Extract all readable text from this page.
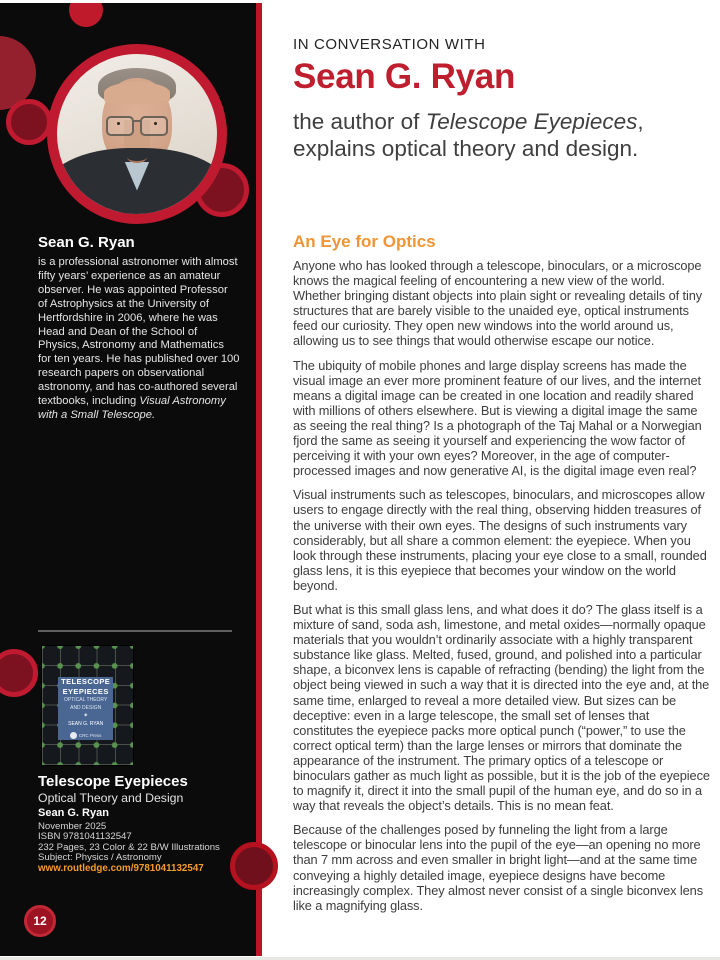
Sean G. Ryan
is a professional astronomer with almost fifty years’ experience as an amateur observer. He was appointed Professor of Astrophysics at the University of Hertfordshire in 2006, where he was Head and Dean of the School of Physics, Astronomy and Mathematics for ten years. He has published over 100 research papers on observational astronomy, and has co-authored several textbooks, including Visual Astronomy with a Small Telescope.
TELESCOPE
EYEPIECES
OPTICAL THEORY
AND DESIGN
◆
SEAN G. RYAN
CRC Press
Telescope Eyepieces
Optical Theory and Design
Sean G. Ryan
November 2025
ISBN 9781041132547
232 Pages, 23 Color & 22 B/W Illustrations
Subject: Physics / Astronomy
www.routledge.com/9781041132547
12
IN CONVERSATION WITH
Sean G. Ryan
the author of Telescope Eyepieces,
explains optical theory and design.
An Eye for Optics

Anyone who has looked through a telescope, binoculars, or a microscope knows the magical feeling of encountering a new view of the world. Whether bringing distant objects into plain sight or revealing details of tiny structures that are barely visible to the unaided eye, optical instruments feed our curiosity. They open new windows into the world around us, allowing us to see things that would otherwise escape our notice.

The ubiquity of mobile phones and large display screens has made the visual image an ever more prominent feature of our lives, and the internet means a digital image can be created in one location and readily shared with millions of others elsewhere. But is viewing a digital image the same as seeing the real thing? Is a photograph of the Taj Mahal or a Norwegian fjord the same as seeing it yourself and experiencing the wow factor of perceiving it with your own eyes? Moreover, in the age of computer-processed images and now generative AI, is the digital image even real?

Visual instruments such as telescopes, binoculars, and microscopes allow users to engage directly with the real thing, observing hidden treasures of the universe with their own eyes. The designs of such instruments vary considerably, but all share a common element: the eyepiece. When you look through these instruments, placing your eye close to a small, rounded glass lens, it is this eyepiece that becomes your window on the world beyond.

But what is this small glass lens, and what does it do? The glass itself is a mixture of sand, soda ash, limestone, and metal oxides—normally opaque materials that you wouldn’t ordinarily associate with a highly transparent substance like glass. Melted, fused, ground, and polished into a particular shape, a biconvex lens is capable of refracting (bending) the light from the object being viewed in such a way that it is directed into the eye and, at the same time, enlarged to reveal a more detailed view. But sizes can be deceptive: even in a large telescope, the small set of lenses that constitutes the eyepiece packs more optical punch (“power,” to use the correct optical term) than the large lenses or mirrors that dominate the appearance of the instrument. The primary optics of a telescope or binoculars gather as much light as possible, but it is the job of the eyepiece to magnify it, direct it into the small pupil of the human eye, and do so in a way that reveals the object’s details. This is no mean feat.

Because of the challenges posed by funneling the light from a large telescope or binocular lens into the pupil of the eye—an opening no more than 7 mm across and even smaller in bright light—and at the same time conveying a highly detailed image, eyepiece designs have become increasingly complex. They almost never consist of a single biconvex lens like a magnifying glass.
